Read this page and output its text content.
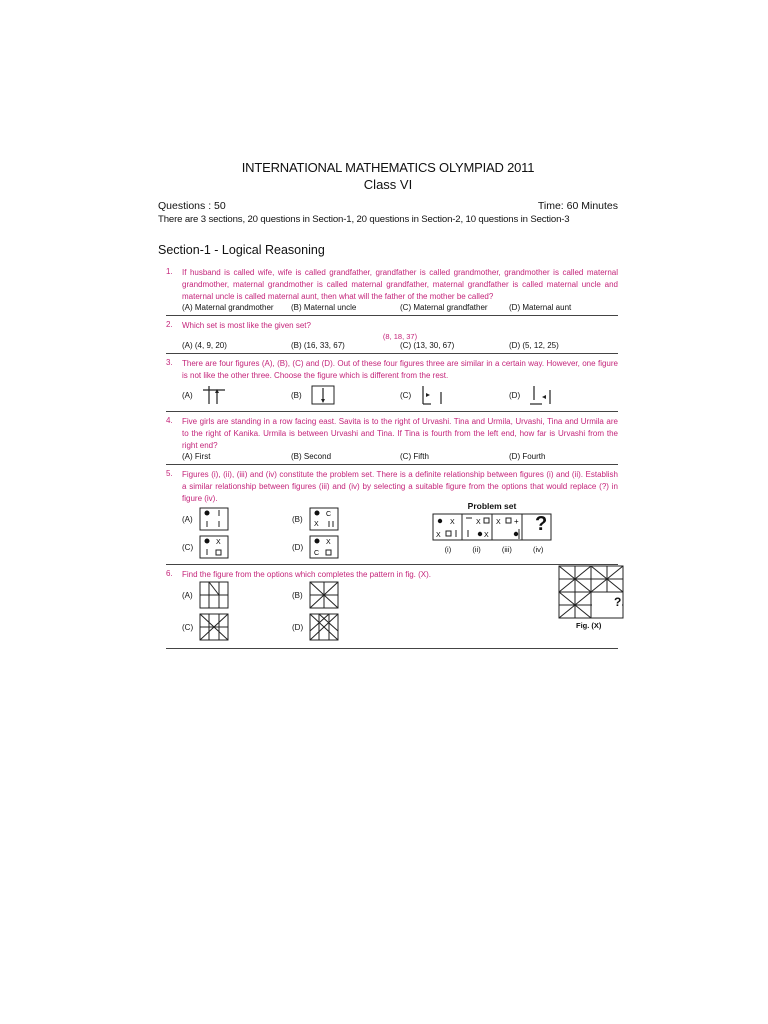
INTERNATIONAL MATHEMATICS OLYMPIAD 2011
Class VI
Questions : 50	Time: 60 Minutes
There are 3 sections, 20 questions in Section-1, 20 questions in Section-2, 10 questions in Section-3
Section-1 - Logical Reasoning
1. If husband is called wife, wife is called grandfather, grandfather is called grandmother, grandmother is called maternal grandmother, maternal grandmother is called maternal grandfather, maternal grandfather is called maternal uncle and maternal uncle is called maternal aunt, then what will the father of the mother be called?
(A) Maternal grandmother	(B) Maternal uncle	(C) Maternal grandfather	(D) Maternal aunt
2. Which set is most like the given set?
(8, 18, 37)
(A) (4, 9, 20)	(B) (16, 33, 67)	(C) (13, 30, 67)	(D) (5, 12, 25)
3. There are four figures (A), (B), (C) and (D). Out of these four figures three are similar in a certain way. However, one figure is not like the other three. Choose the figure which is different from the rest.
(A)	(B)	(C)	(D)
4. Five girls are standing in a row facing east. Savita is to the right of Urvashi. Tina and Urmila, Urvashi, Tina and Urmila are to the right of Kanika. Urmila is between Urvashi and Tina. If Tina is fourth from the left end, how far is Urvashi from the right end?
(A) First	(B) Second	(C) Fifth	(D) Fourth
5. Figures (i), (ii), (iii) and (iv) constitute the problem set. There is a definite relationship between figures (i) and (ii). Establish a similar relationship between figures (iii) and (iv) by selecting a suitable figure from the options that would replace (?) in figure (iv).
(A)	(B)	C
X
(C)	X	(D)	X
C
Problem set
X
X
X
X
X + ?
(i)	(ii)	(iii)	(iv)
6. Find the figure from the options which completes the pattern in fig. (X).
(A)	(B)
(C)	(D)
?
Fig. (X)
